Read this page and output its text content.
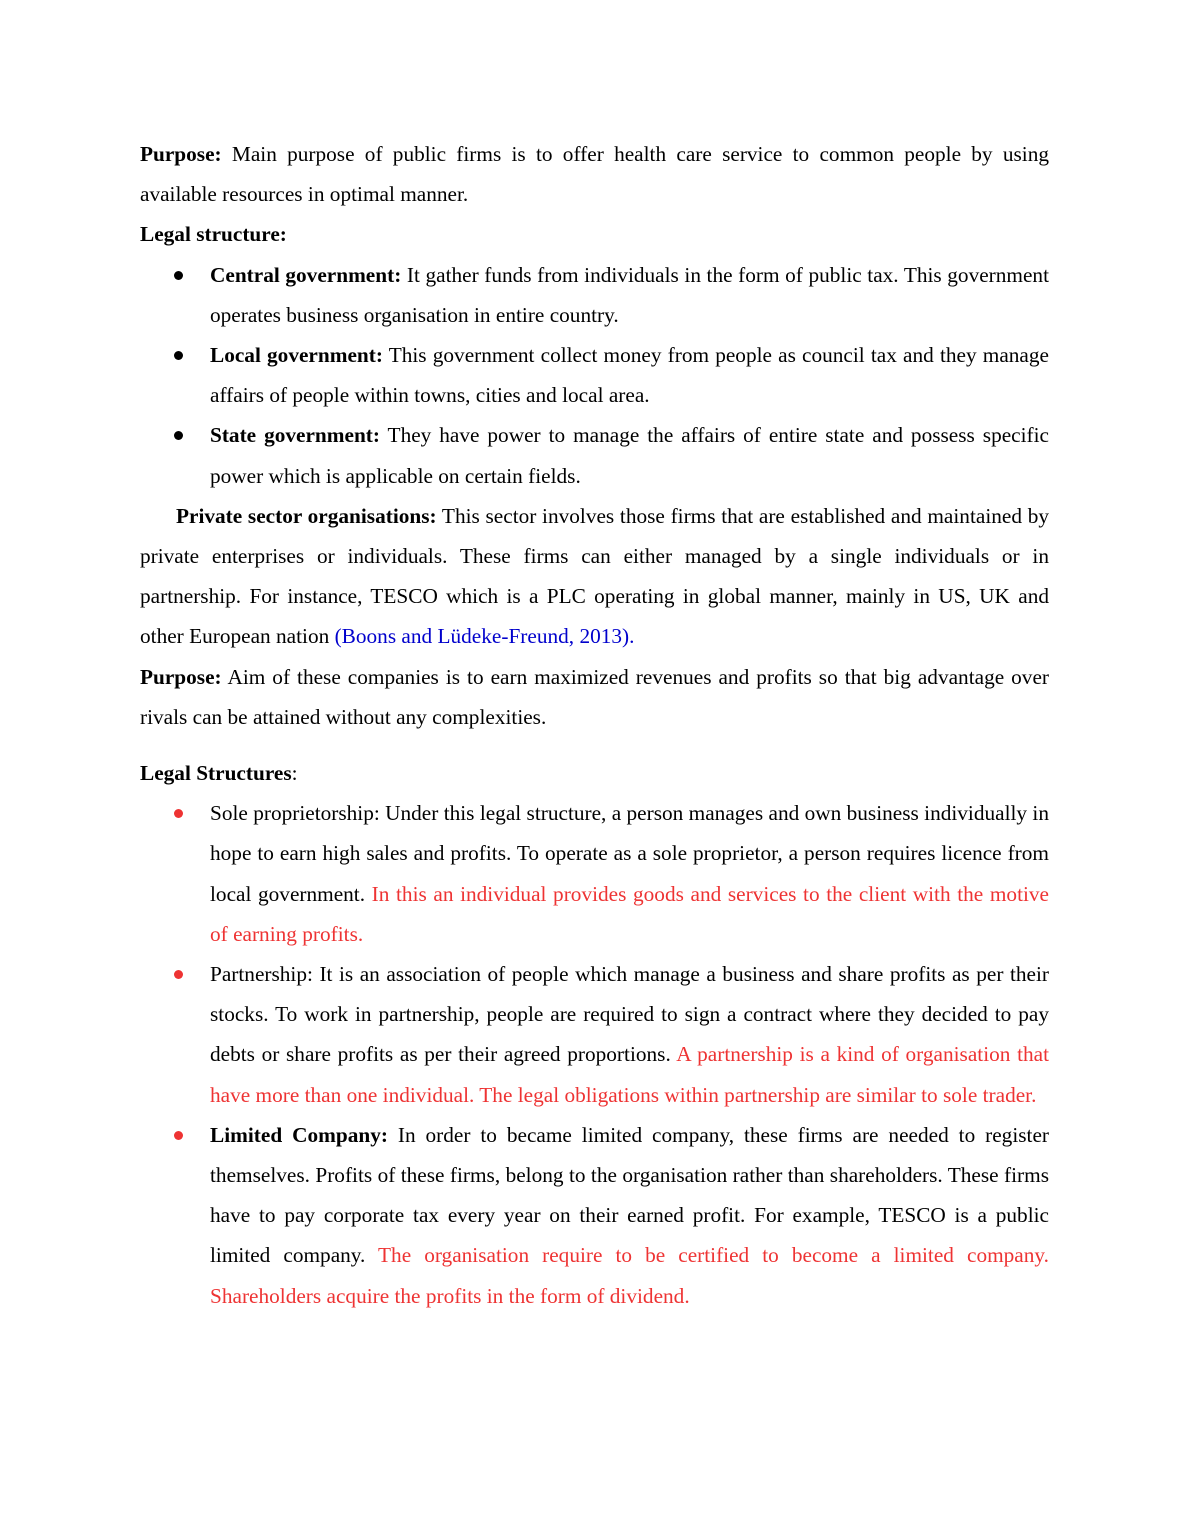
Purpose: Main purpose of public firms is to offer health care service to common people by using available resources in optimal manner.

Legal structure:

Central government: It gather funds from individuals in the form of public tax. This government operates business organisation in entire country.
Local government: This government collect money from people as council tax and they manage affairs of people within towns, cities and local area.
State government: They have power to manage the affairs of entire state and possess specific power which is applicable on certain fields.

Private sector organisations: This sector involves those firms that are established and maintained by private enterprises or individuals. These firms can either managed by a single individuals or in partnership. For instance, TESCO which is a PLC operating in global manner, mainly in US, UK and other European nation (Boons and Lüdeke-Freund, 2013).

Purpose: Aim of these companies is to earn maximized revenues and profits so that big advantage over rivals can be attained without any complexities.

Legal Structures:

Sole proprietorship: Under this legal structure, a person manages and own business individually in hope to earn high sales and profits. To operate as a sole proprietor, a person requires licence from local government. In this an individual provides goods and services to the client with the motive of earning profits.
Partnership: It is an association of people which manage a business and share profits as per their stocks. To work in partnership, people are required to sign a contract where they decided to pay debts or share profits as per their agreed proportions. A partnership is a kind of organisation that have more than one individual. The legal obligations within partnership are similar to sole trader.
Limited Company: In order to became limited company, these firms are needed to register themselves. Profits of these firms, belong to the organisation rather than shareholders. These firms have to pay corporate tax every year on their earned profit. For example, TESCO is a public limited company. The organisation require to be certified to become a limited company. Shareholders acquire the profits in the form of dividend.
